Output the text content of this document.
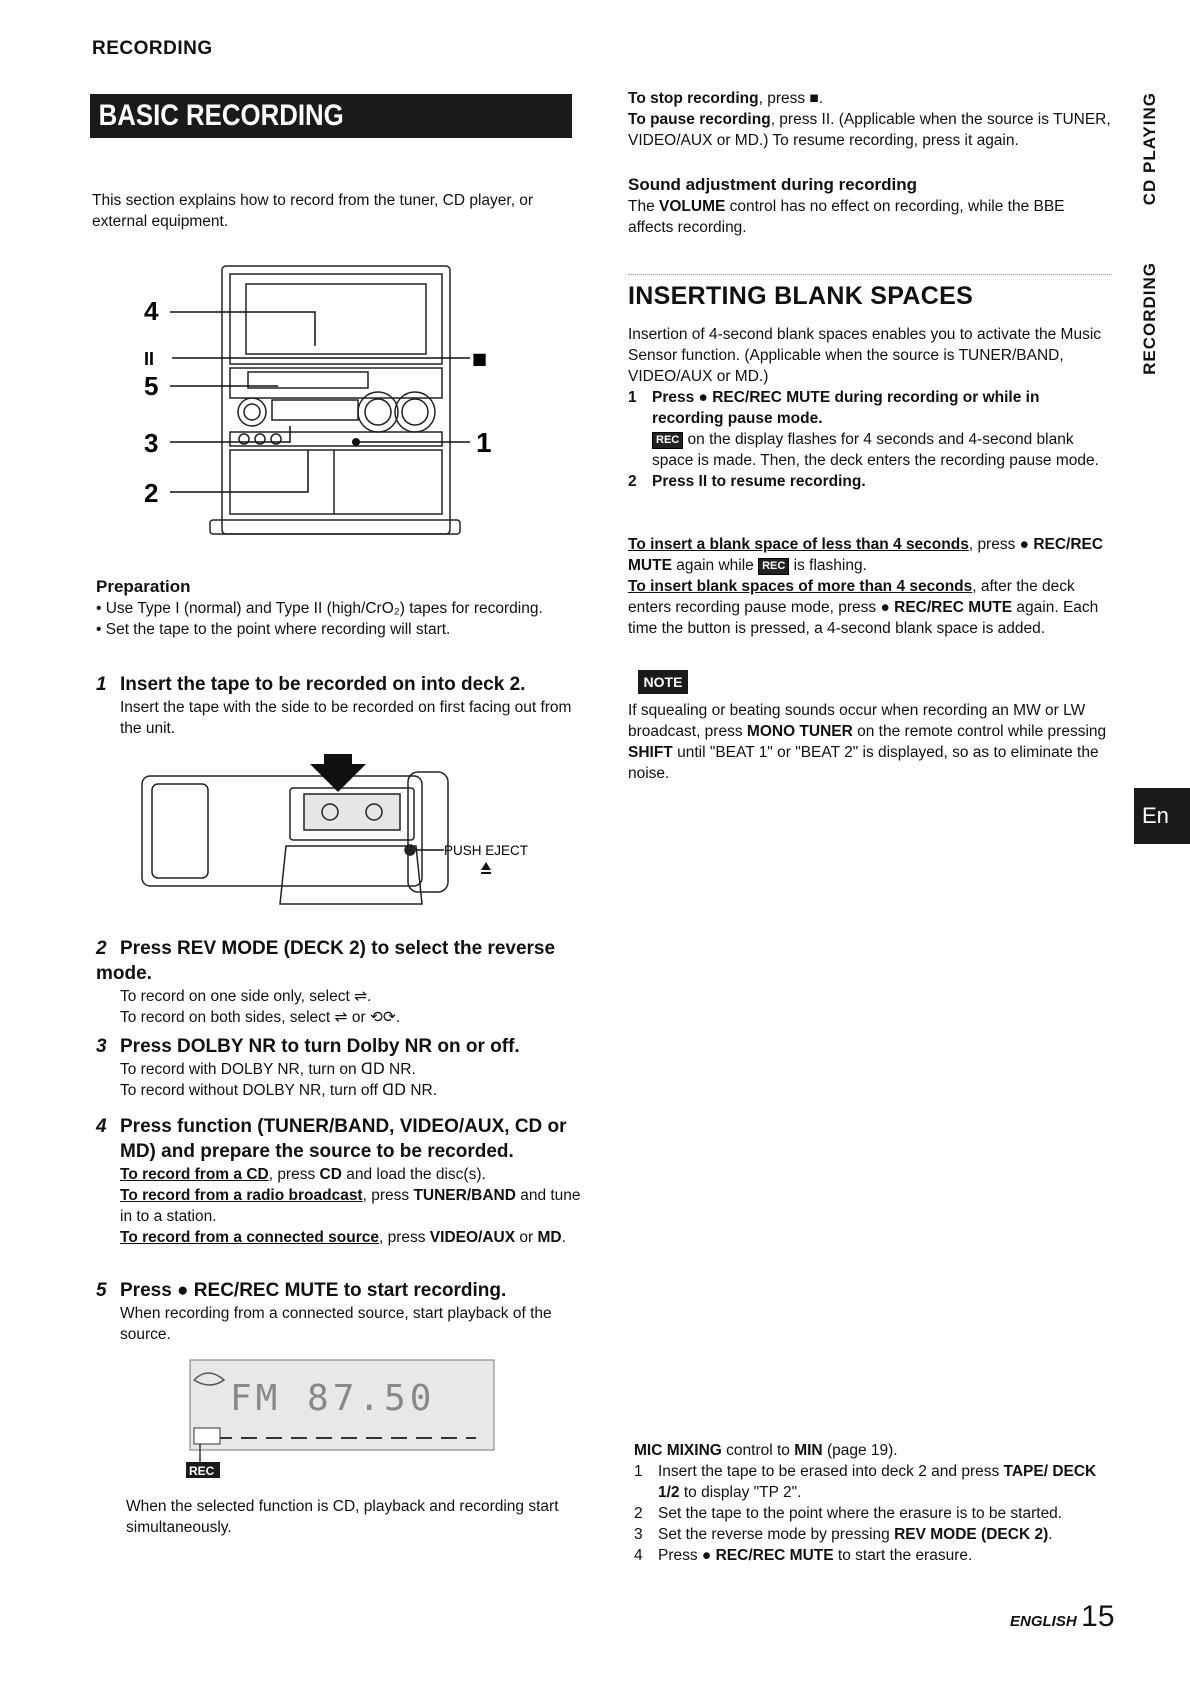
RECORDING
BASIC RECORDING

This section explains how to record from the tuner, CD player, or external equipment.

4
II
5
3
2
1
■

Preparation

• Use Type I (normal) and Type II (high/CrO₂) tapes for recording.

• Set the tape to the point where recording will start.

1 Insert the tape to be recorded on into deck 2.

Insert the tape with the side to be recorded on first facing out from the unit.

PUSH EJECT

2 Press REV MODE (DECK 2) to select the reverse mode.

To record on one side only, select ⇌.

To record on both sides, select ⇌ or ⟲⟳.

3 Press DOLBY NR to turn Dolby NR on or off.

To record with DOLBY NR, turn on ᗡᗞ NR.

To record without DOLBY NR, turn off ᗡᗞ NR.

4 Press function (TUNER/BAND, VIDEO/AUX, CD or MD) and prepare the source to be recorded.

To record from a CD, press CD and load the disc(s).

To record from a radio broadcast, press TUNER/BAND and tune in to a station.

To record from a connected source, press VIDEO/AUX or MD.

5 Press ● REC/REC MUTE to start recording.

When recording from a connected source, start playback of the source.

FM 87.50
REC

When the selected function is CD, playback and recording start simultaneously.

To stop recording, press ■.

To pause recording, press II. (Applicable when the source is TUNER, VIDEO/AUX or MD.) To resume recording, press it again.

Sound adjustment during recording

The VOLUME control has no effect on recording, while the BBE affects recording.

INSERTING BLANK SPACES

Insertion of 4-second blank spaces enables you to activate the Music Sensor function. (Applicable when the source is TUNER/BAND, VIDEO/AUX or MD.)

1 Press ● REC/REC MUTE during recording or while in recording pause mode.

REC on the display flashes for 4 seconds and 4-second blank space is made. Then, the deck enters the recording pause mode.

2 Press II to resume recording.

To insert a blank space of less than 4 seconds, press ● REC/REC MUTE again while REC is flashing.

To insert blank spaces of more than 4 seconds, after the deck enters recording pause mode, press ● REC/REC MUTE again. Each time the button is pressed, a 4-second blank space is added.

NOTE

If squealing or beating sounds occur when recording an MW or LW broadcast, press MONO TUNER on the remote control while pressing SHIFT until "BEAT 1" or "BEAT 2" is displayed, so as to eliminate the noise.

MIC MIXING control to MIN (page 19).

1 Insert the tape to be erased into deck 2 and press TAPE/ DECK 1/2 to display "TP 2".

2 Set the tape to the point where the erasure is to be started.

3 Set the reverse mode by pressing REV MODE (DECK 2).

4 Press ● REC/REC MUTE to start the erasure.

CD PLAYING
RECORDING
En
ENGLISH 15
